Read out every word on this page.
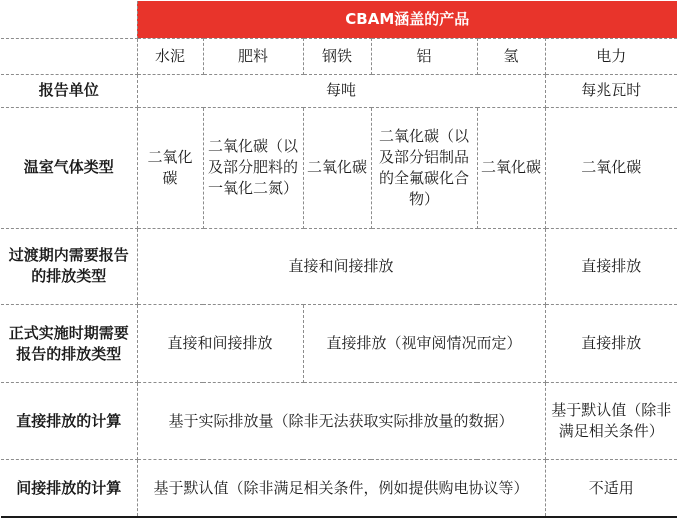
	CBAM涵盖的产品					
	水泥	肥料	钢铁	铝	氢	电力
报告单位	每吨					每兆瓦时
温室气体类型	二氧化碳	二氧化碳（以及部分肥料的一氧化二氮）	二氧化碳	二氧化碳（以及部分铝制品的全氟碳化合物）	二氧化碳	二氧化碳
过渡期内需要报告的排放类型	直接和间接排放					直接排放
正式实施时期需要报告的排放类型	直接和间接排放		直接排放（视审阅情况而定）			直接排放
直接排放的计算	基于实际排放量（除非无法获取实际排放量的数据）					基于默认值（除非满足相关条件）
间接排放的计算	基于默认值（除非满足相关条件，例如提供购电协议等）					不适用
